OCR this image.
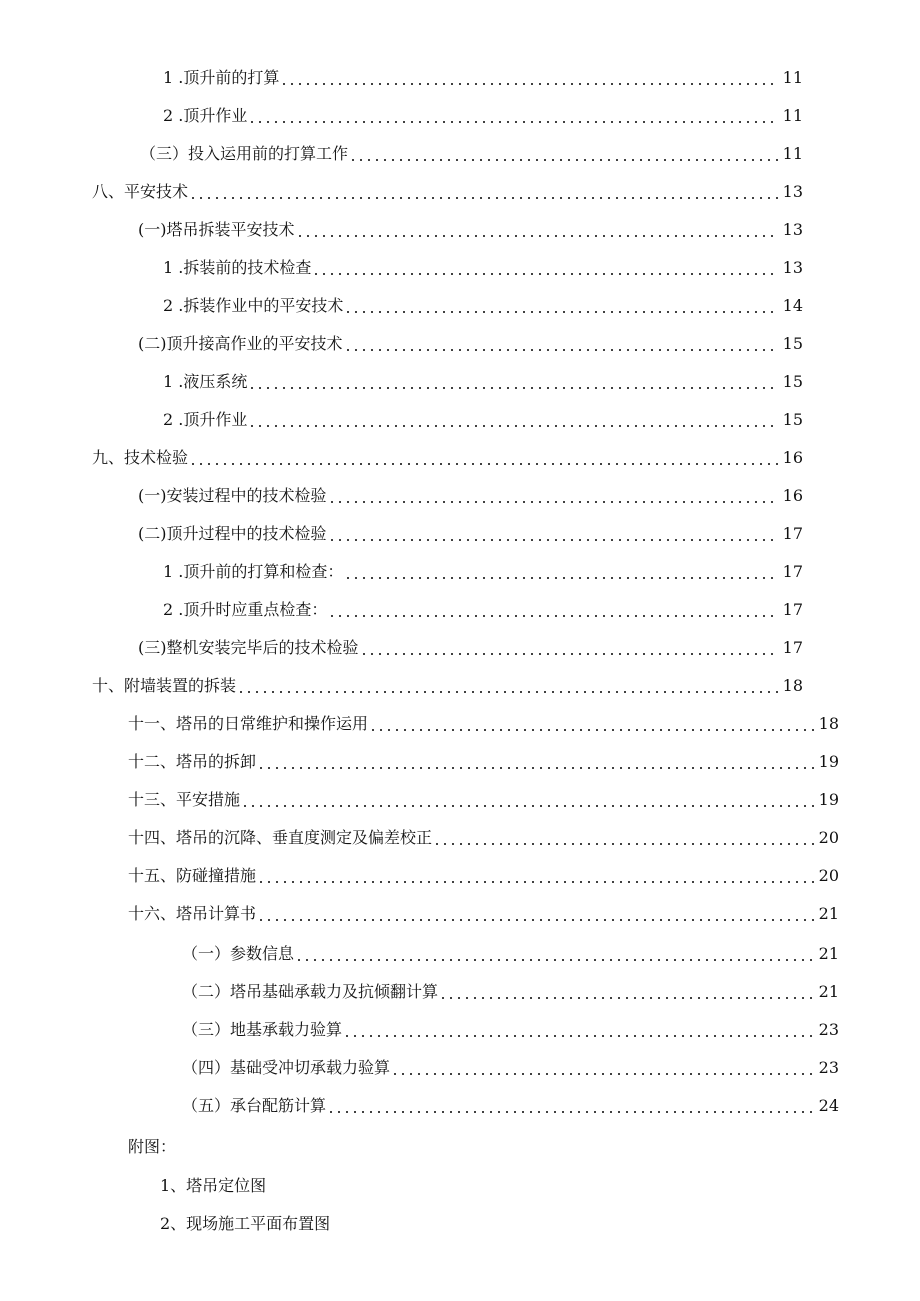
1 .顶升前的打算	11
2 .顶升作业	11
（三）投入运用前的打算工作	11
八、平安技术	13
(一)塔吊拆装平安技术	13
1 .拆装前的技术检查	13
2 .拆装作业中的平安技术	14
(二)顶升接高作业的平安技术	15
1 .液压系统	15
2 .顶升作业	15
九、技术检验	16
(一)安装过程中的技术检验	16
(二)顶升过程中的技术检验	17
1 .顶升前的打算和检查：	17
2 .顶升时应重点检查：	17
(三)整机安装完毕后的技术检验	17
十、附墙装置的拆装	18
十一、塔吊的日常维护和操作运用	18
十二、塔吊的拆卸	19
十三、平安措施	19
十四、塔吊的沉降、垂直度测定及偏差校正	20
十五、防碰撞措施	20
十六、塔吊计算书	21
（一）参数信息	21
（二）塔吊基础承载力及抗倾翻计算	21
（三）地基承载力验算	23
（四）基础受冲切承载力验算	23
（五）承台配筋计算	24
附图：
1、塔吊定位图
2、现场施工平面布置图
